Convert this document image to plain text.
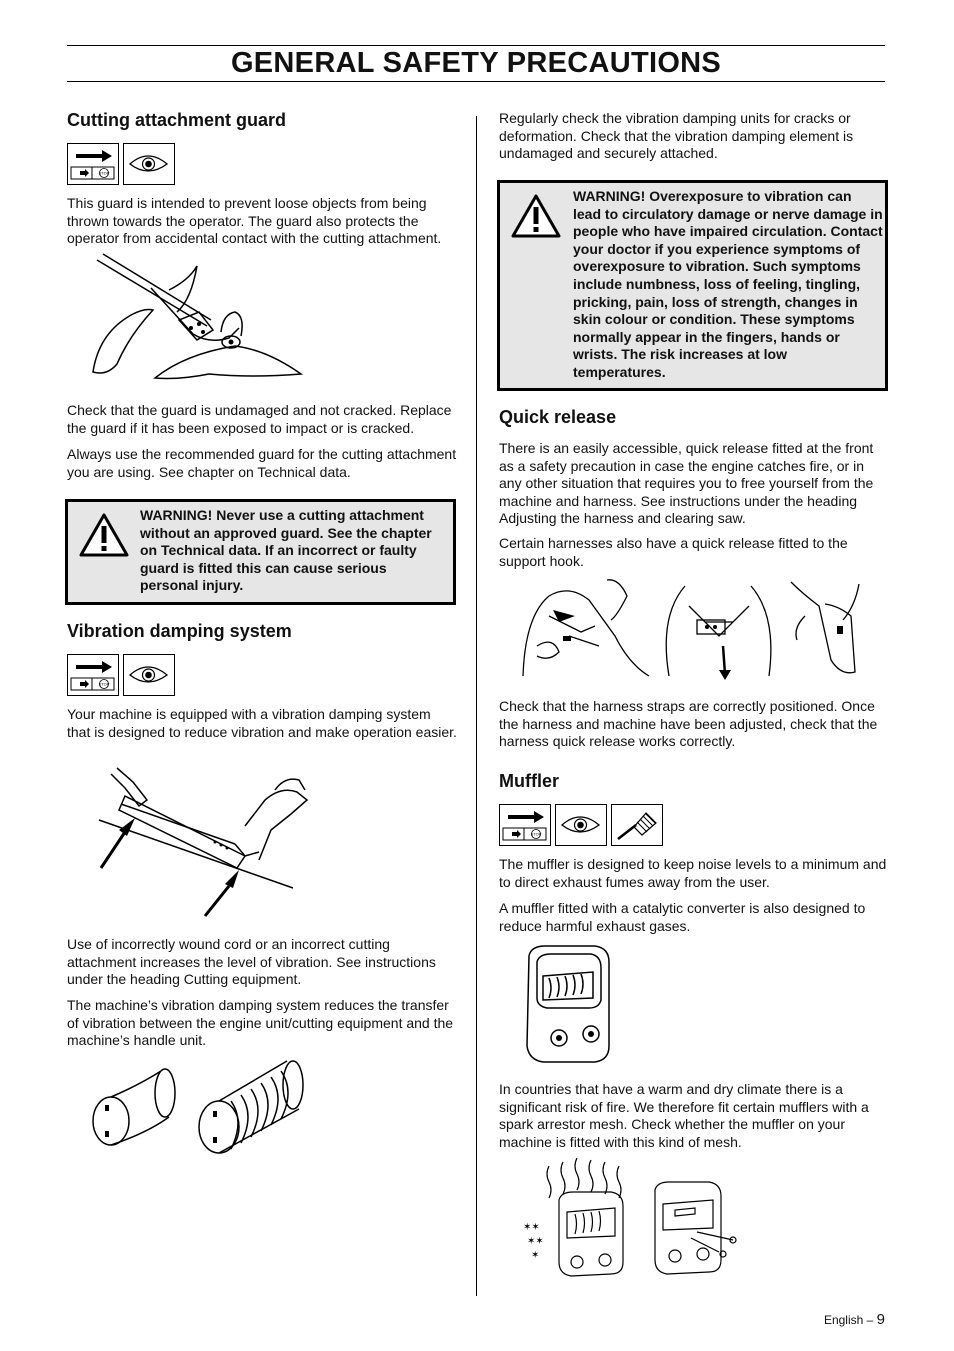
GENERAL SAFETY PRECAUTIONS
Cutting attachment guard
STOP

This guard is intended to prevent loose objects from being thrown towards the operator. The guard also protects the operator from accidental contact with the cutting attachment.

Check that the guard is undamaged and not cracked. Replace the guard if it has been exposed to impact or is cracked.

Always use the recommended guard for the cutting attachment you are using. See chapter on Technical data.

WARNING! Never use a cutting attachment without an approved guard. See the chapter on Technical data. If an incorrect or faulty guard is fitted this can cause serious personal injury.
Vibration damping system
STOP

Your machine is equipped with a vibration damping system that is designed to reduce vibration and make operation easier.

Use of incorrectly wound cord or an incorrect cutting attachment increases the level of vibration. See instructions under the heading Cutting equipment.

The machine’s vibration damping system reduces the transfer of vibration between the engine unit/cutting equipment and the machine’s handle unit.

Regularly check the vibration damping units for cracks or deformation. Check that the vibration damping element is undamaged and securely attached.

WARNING! Overexposure to vibration can lead to circulatory damage or nerve damage in people who have impaired circulation. Contact your doctor if you experience symptoms of overexposure to vibration. Such symptoms include numbness, loss of feeling, tingling, pricking, pain, loss of strength, changes in skin colour or condition. These symptoms normally appear in the fingers, hands or wrists. The risk increases at low temperatures.
Quick release

There is an easily accessible, quick release fitted at the front as a safety precaution in case the engine catches fire, or in any other situation that requires you to free yourself from the machine and harness. See instructions under the heading Adjusting the harness and clearing saw.

Certain harnesses also have a quick release fitted to the support hook.

Check that the harness straps are correctly positioned. Once the harness and machine have been adjusted, check that the harness quick release works correctly.

Muffler
STOP

The muffler is designed to keep noise levels to a minimum and to direct exhaust fumes away from the user.

A muffler fitted with a catalytic converter is also designed to reduce harmful exhaust gases.

In countries that have a warm and dry climate there is a significant risk of fire. We therefore fit certain mufflers with a spark arrestor mesh. Check whether the muffler on your machine is fitted with this kind of mesh.

✶✶
✶✶
✶
English – 9
